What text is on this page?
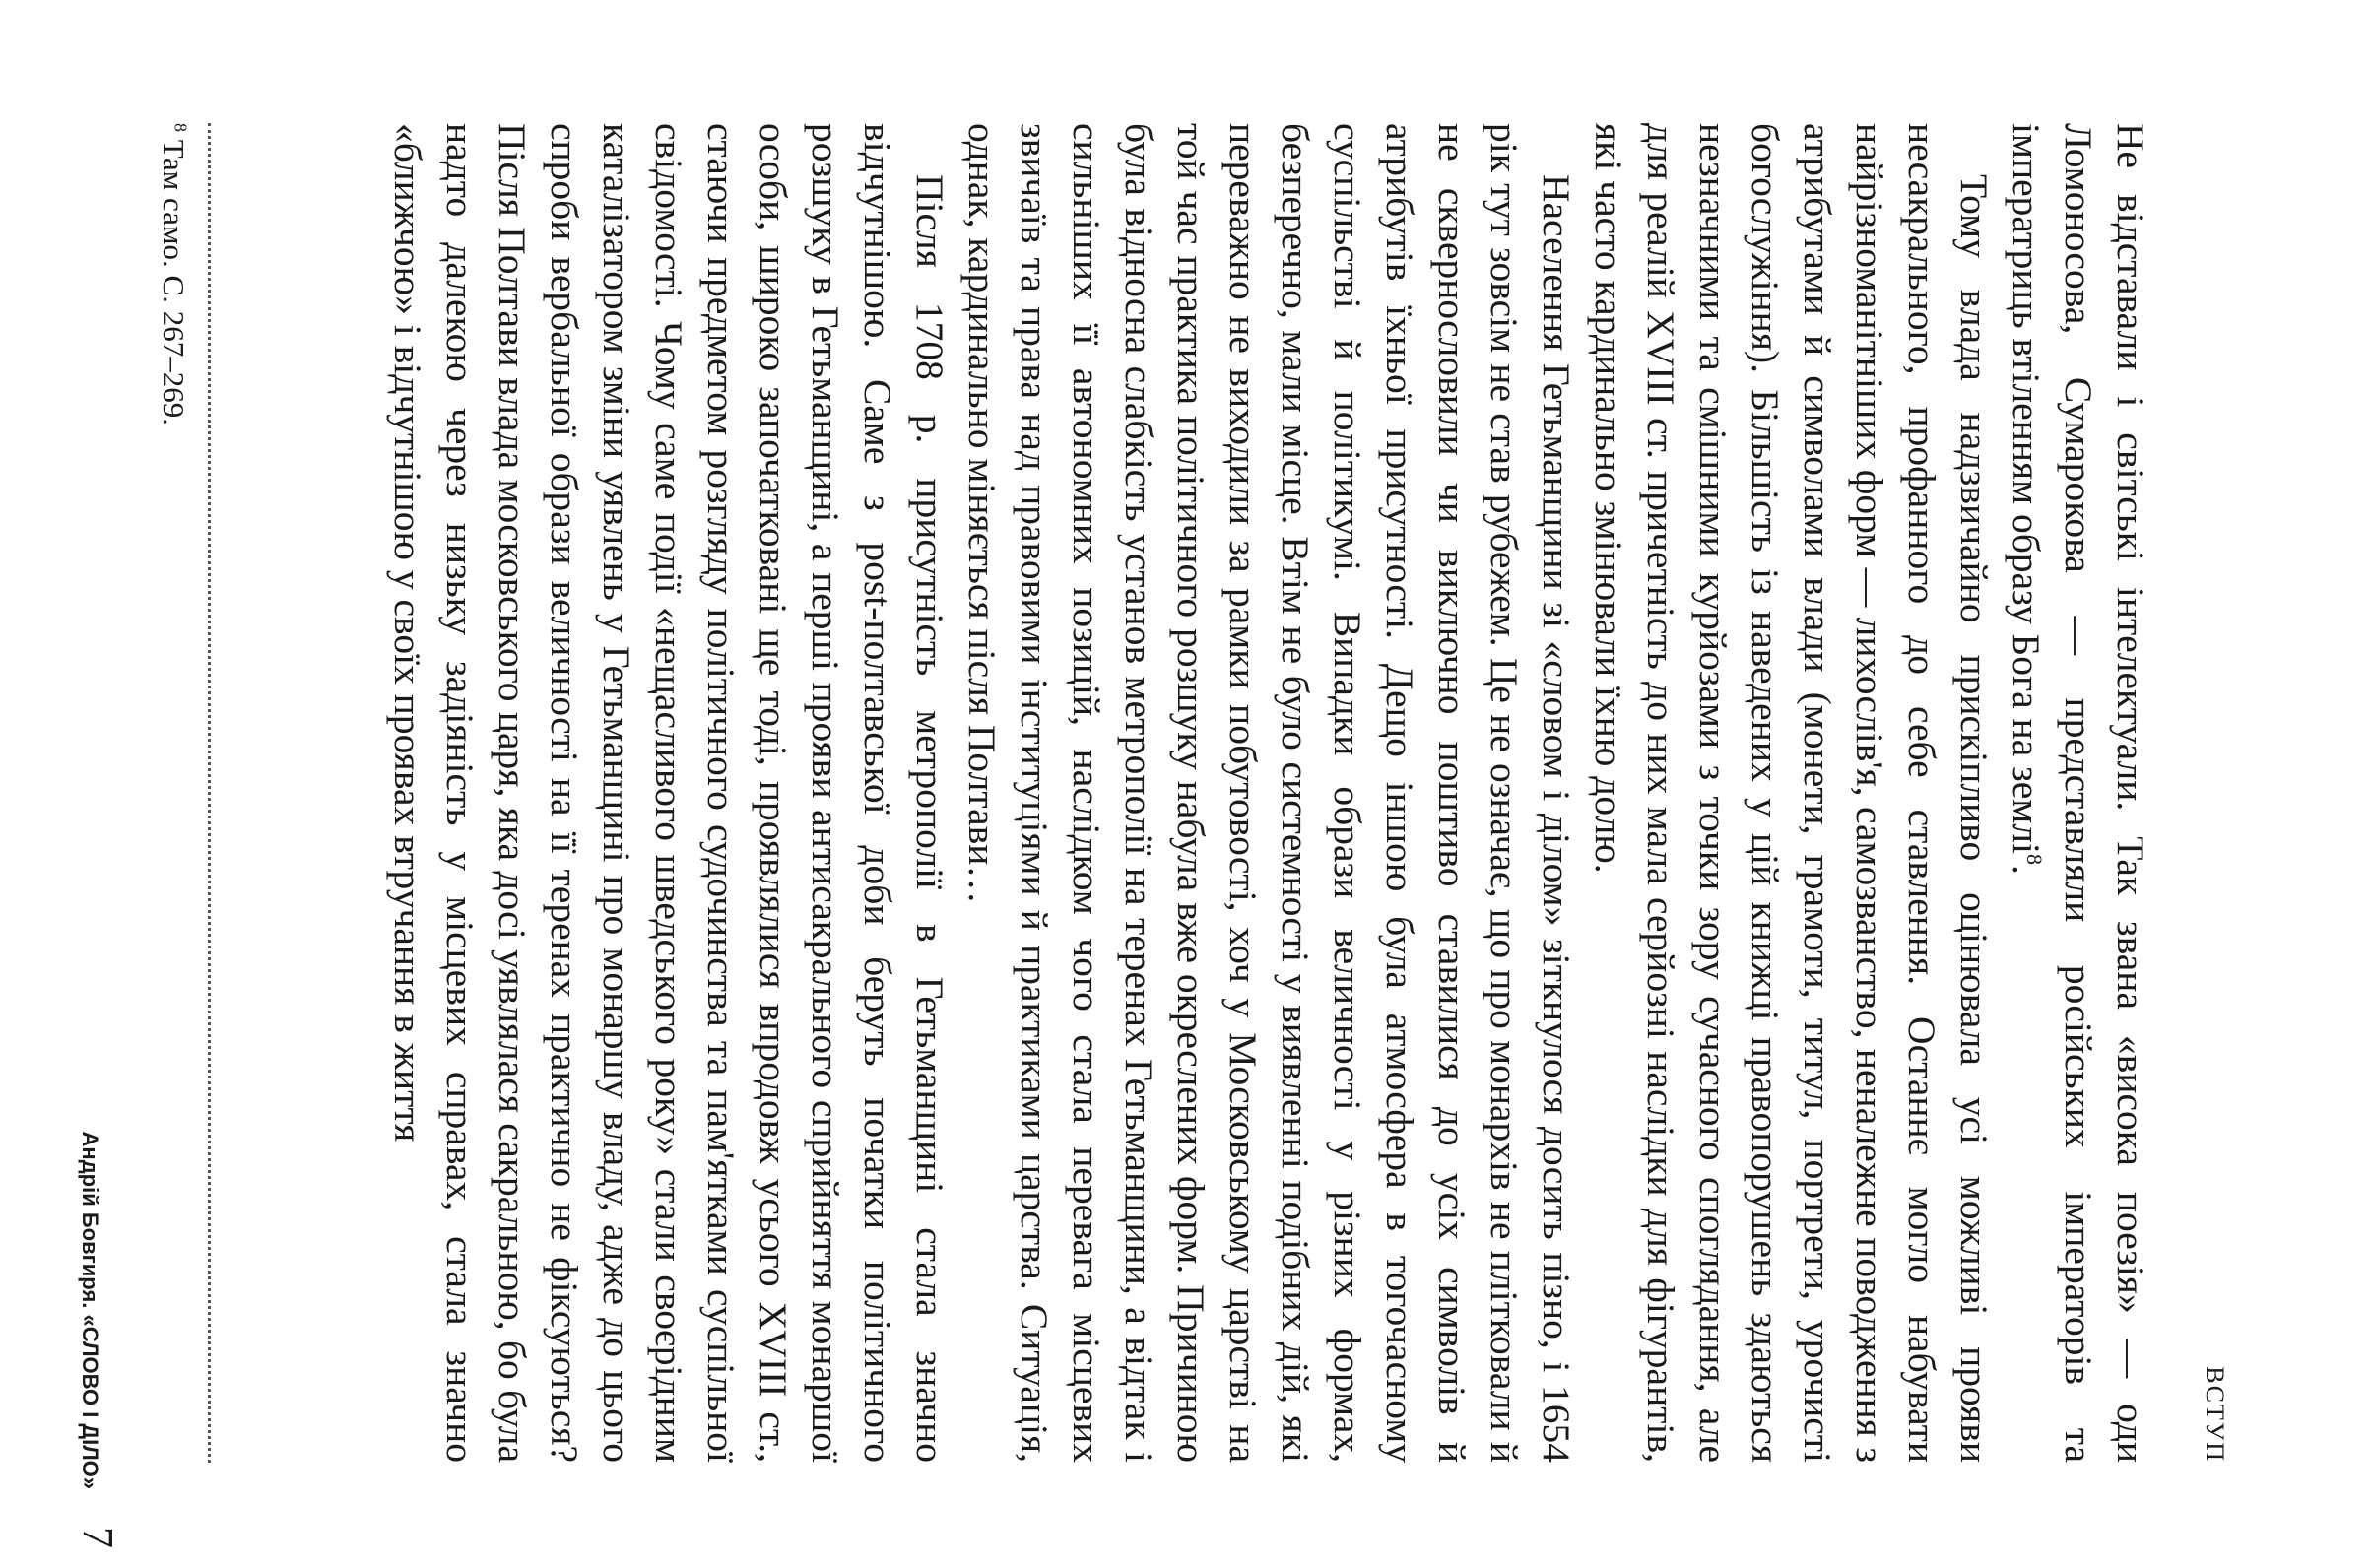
ВСТУП

Не відставали і світські інтелектуали. Так звана «висока поезія» — оди Ломоносова, Сумарокова — представляли російських імператорів та імператриць втіленням образу Бога на землі$^8$.

Тому влада надзвичайно прискіпливо оцінювала усі можливі прояви несакрального, профанного до себе ставлення. Останнє могло набувати найрізноманітніших форм — лихослів'я, самозванство, неналежне поводження з атрибутами й символами влади (монети, грамоти, титул, портрети, урочисті богослужіння). Більшість із наведених у цій книжці правопорушень здаються незначними та смішними курйозами з точки зору сучасного споглядання, але для реалій XVIII ст. причетність до них мала серйозні наслідки для фігурантів, які часто кардинально змінювали їхню долю.

Населення Гетьманщини зі «словом і ділом» зіткнулося досить пізно, і 1654 рік тут зовсім не став рубежем. Це не означає, що про монархів не плітковали й не сквернословили чи виключно поштиво ставилися до усіх символів й атрибутів їхньої присутності. Дещо іншою була атмосфера в тогочасному суспільстві й політикумі. Випадки образи величності у різних формах, безперечно, мали місце. Втім не було системності у виявленні подібних дій, які переважно не виходили за рамки побутовості, хоч у Московському царстві на той час практика політичного розшуку набула вже окреслених форм. Причиною була відносна слабкість установ метрополії на теренах Гетьманщини, а відтак і сильніших її автономних позицій, наслідком чого стала перевага місцевих звичаїв та права над правовими інституціями й практиками царства. Ситуація, однак, кардинально міняється після Полтави…

Після 1708 р. присутність метрополії в Гетьманщині стала значно відчутнішою. Саме з post-полтавської доби беруть початки політичного розшуку в Гетьманщині, а перші прояви антисакрального сприйняття монаршої особи, широко започатковані ще тоді, проявлялися впродовж усього XVIII ст., стаючи предметом розгляду політичного судочинства та пам'ятками суспільної свідомості. Чому саме події «нещасливого шведського року» стали своєрідним каталізатором зміни уявлень у Гетьманщині про монаршу владу, адже до цього спроби вербальної образи величності на її теренах практично не фіксуються? Після Полтави влада московського царя, яка досі уявлялася сакральною, бо була надто далекою через низьку задіяність у місцевих справах, стала значно «ближчою» і відчутнішою у своїх проявах втручання в життя

$^8$ Там само. С. 267–269.
Андрій Бовгиря. «СЛОВО І ДІЛО»
7
